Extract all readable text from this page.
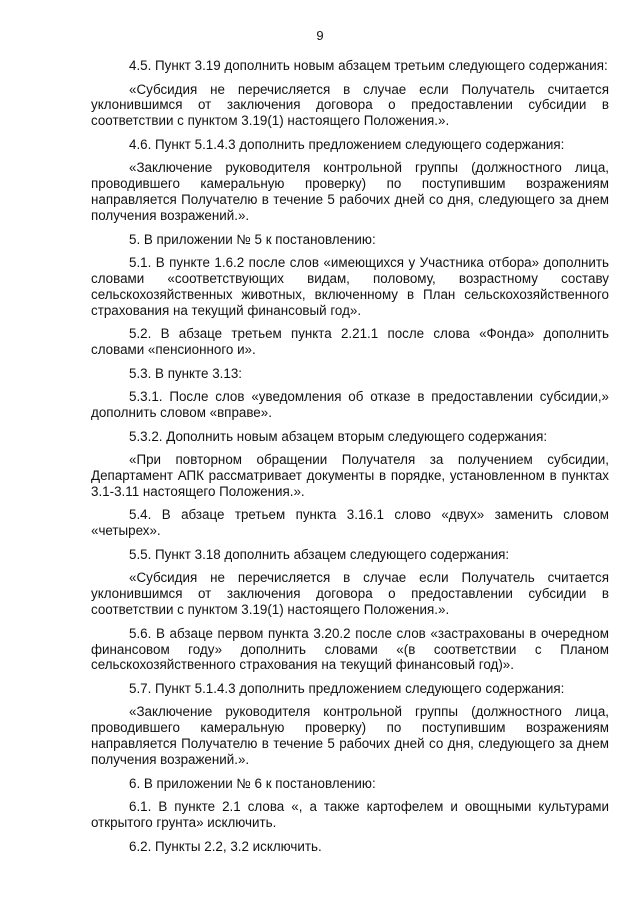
9

4.5. Пункт 3.19 дополнить новым абзацем третьим следующего содержания:

«Субсидия не перечисляется в случае если Получатель считается уклонившимся от заключения договора о предоставлении субсидии в соответствии с пунктом 3.19(1) настоящего Положения.».

4.6. Пункт 5.1.4.3 дополнить предложением следующего содержания:

«Заключение руководителя контрольной группы (должностного лица, проводившего камеральную проверку) по поступившим возражениям направляется Получателю в течение 5 рабочих дней со дня, следующего за днем получения возражений.».

5. В приложении № 5 к постановлению:

5.1. В пункте 1.6.2 после слов «имеющихся у Участника отбора» дополнить словами «соответствующих видам, половому, возрастному составу сельскохозяйственных животных, включенному в План сельскохозяйственного страхования на текущий финансовый год».

5.2. В абзаце третьем пункта 2.21.1 после слова «Фонда» дополнить словами «пенсионного и».

5.3. В пункте 3.13:

5.3.1. После слов «уведомления об отказе в предоставлении субсидии,» дополнить словом «вправе».

5.3.2. Дополнить новым абзацем вторым следующего содержания:

«При повторном обращении Получателя за получением субсидии, Департамент АПК рассматривает документы в порядке, установленном в пунктах 3.1-3.11 настоящего Положения.».

5.4. В абзаце третьем пункта 3.16.1 слово «двух» заменить словом «четырех».

5.5. Пункт 3.18 дополнить абзацем следующего содержания:

«Субсидия не перечисляется в случае если Получатель считается уклонившимся от заключения договора о предоставлении субсидии в соответствии с пунктом 3.19(1) настоящего Положения.».

5.6. В абзаце первом пункта 3.20.2 после слов «застрахованы в очередном финансовом году» дополнить словами «(в соответствии с Планом сельскохозяйственного страхования на текущий финансовый год)».

5.7. Пункт 5.1.4.3 дополнить предложением следующего содержания:

«Заключение руководителя контрольной группы (должностного лица, проводившего камеральную проверку) по поступившим возражениям направляется Получателю в течение 5 рабочих дней со дня, следующего за днем получения возражений.».

6. В приложении № 6 к постановлению:

6.1. В пункте 2.1 слова «, а также картофелем и овощными культурами открытого грунта» исключить.

6.2. Пункты 2.2, 3.2 исключить.
